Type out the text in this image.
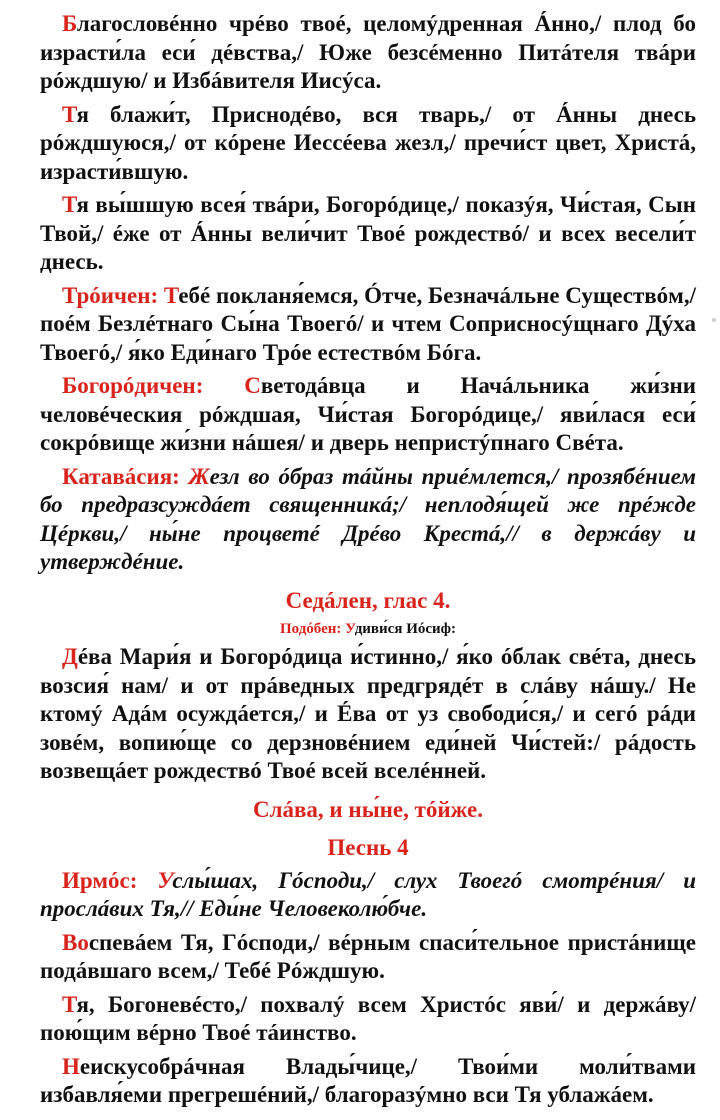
Благословéнно чрéво твоé, целомýдренная Áнно,/ плод бо израсти́ла еси́ дéвства,/ Юже безсéменно Питáтеля твáри рóждшую/ и Избáвителя Иисýса.

Тя блажи́т, Приснодéво, вся тварь,/ от Áнны днесь рóждшуюся,/ от кóрене Иессéева жезл,/ пречи́ст цвет, Христá, израсти́вшую.

Тя вы́шшую всея́ твáри, Богорóдице,/ показýя, Чи́стая, Сын Твой,/ éже от Áнны вели́чит Твоé рождествó/ и всех весели́т днесь.

Трóичен: Тебé покланя́емся, Óтче, Безначáльне Существóм,/ поéм Безлéтнаго Сы́на Твоегó/ и чтем Соприсносýщнаго Дýха Твоегó,/ я́ко Еди́наго Трóе естествóм Бóга.

Богорóдичен: Светодáвца и Начáльника жи́зни человéческия рóждшая, Чи́стая Богорóдице,/ яви́лася еси́ сокрóвище жи́зни нáшея/ и дверь непристýпнаго Свéта.

Катавáсия: Жезл во óбраз тáйны приéмлется,/ прозябéнием бо предразсуждáет священникá;/ неплодя́щей же прéжде Цéркви,/ ны́не процветé Дрéво Крестá,// в держáву и утверждéние.

Седáлен, глас 4.

Подóбен: Удиви́ся Иóсиф:

Дéва Мари́я и Богорóдица и́стинно,/ я́ко óблак свéта, днесь возсия́ нам/ и от прáведных предгрядéт в слáву нáшу./ Не ктомý Адáм осуждáется,/ и Éва от уз свободи́ся,/ и сегó рáди зовéм, вопию́ще со дерзновéнием еди́ней Чи́стей:/ рáдость возвещáет рождествó Твоé всей вселéнней.

Слáва, и ны́не, тóйже.

Песнь 4

Ирмóс: Услы́шах, Гóсподи,/ слух Твоегó смотрéния/ и прослáвих Тя,// Еди́не Человеколю́бче.

Воспевáем Тя, Гóсподи,/ вéрным спаси́тельное пристáнище подáвшаго всем,/ Тебé Рóждшую.

Тя, Богоневéсто,/ похвалý всем Христóс яви́/ и держáву/ пою́щим вéрно Твоé тáинство.

Неискусобрáчная Влады́чице,/ Твои́ми моли́твами избавля́еми прегрешéний,/ благоразýмно вси Тя ублажáем.
